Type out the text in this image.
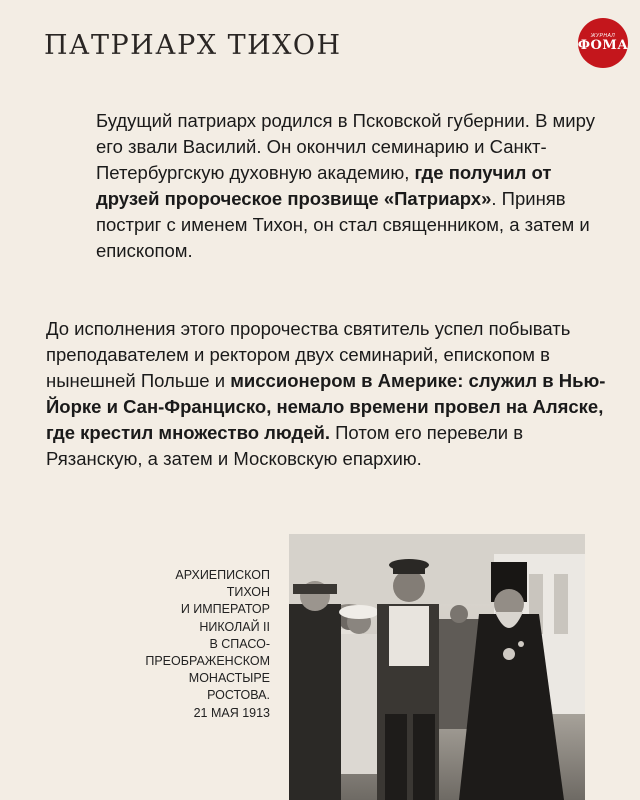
ПАТРИАРХ ТИХОН	ЖУРНАЛ
ФОМА

Будущий патриарх родился в Псковской губернии. В миру его звали Василий. Он окончил семинарию и Санкт-Петербургскую духовную академию, где получил от друзей пророческое прозвище «Патриарх». Приняв постриг с именем Тихон, он стал священником, а затем и епископом.

До исполнения этого пророчества святитель успел побывать преподавателем и ректором двух семинарий, епископом в нынешней Польше и миссионером в Америке: служил в Нью-Йорке и Сан-Франциско, немало времени провел на Аляске, где крестил множество людей. Потом его перевели в Рязанскую, а затем и Московскую епархию.

АРХИЕПИСКОП
ТИХОН
И ИМПЕРАТОР
НИКОЛАЙ II
В СПАСО-
ПРЕОБРАЖЕНСКОМ
МОНАСТЫРЕ
РОСТОВА.
21 МАЯ 1913
